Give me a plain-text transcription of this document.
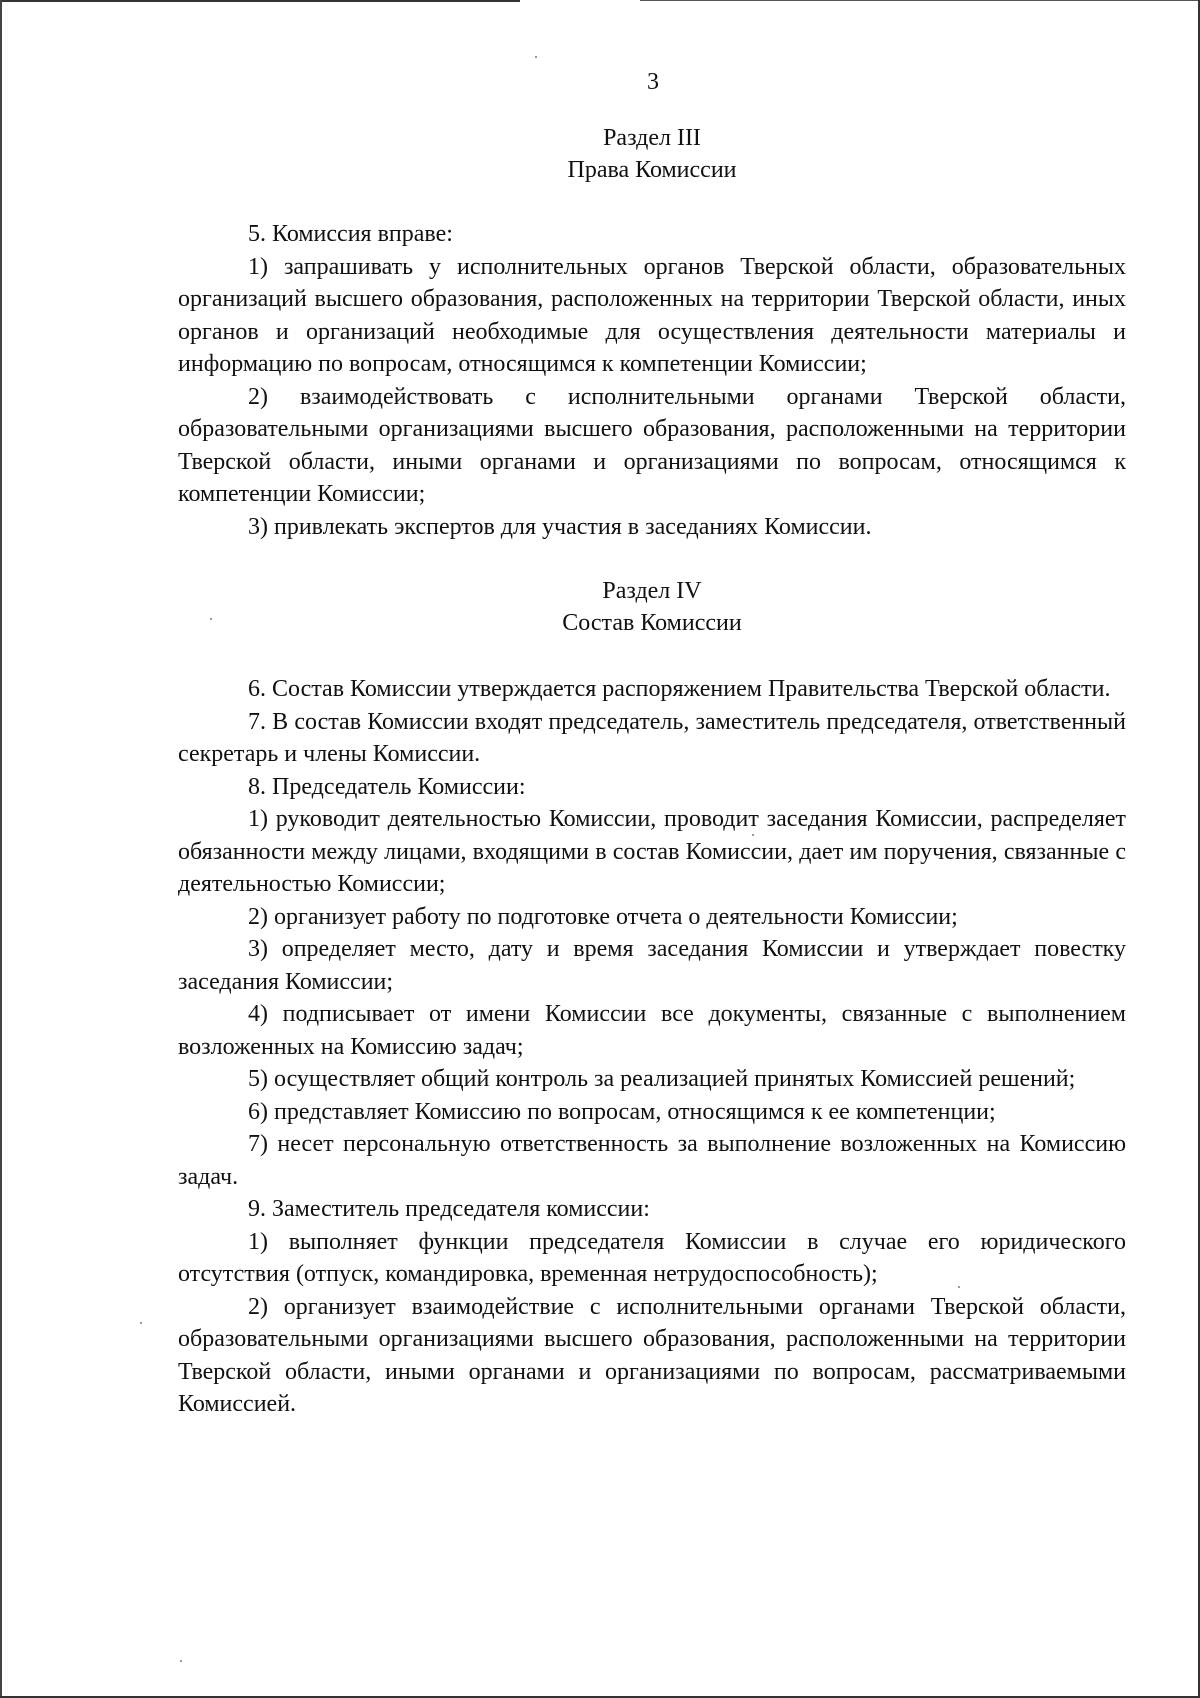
3

Раздел III

Права Комиссии

5. Комиссия вправе:

1) запрашивать у исполнительных органов Тверской области, образовательных организаций высшего образования, расположенных на территории Тверской области, иных органов и организаций необходимые для осуществления деятельности материалы и информацию по вопросам, относящимся к компетенции Комиссии;

2) взаимодействовать с исполнительными органами Тверской области, образовательными организациями высшего образования, расположенными на территории Тверской области, иными органами и организациями по вопросам, относящимся к компетенции Комиссии;

3) привлекать экспертов для участия в заседаниях Комиссии.

Раздел IV

Состав Комиссии

6. Состав Комиссии утверждается распоряжением Правительства Тверской области.

7. В состав Комиссии входят председатель, заместитель председателя, ответственный секретарь и члены Комиссии.

8. Председатель Комиссии:

1) руководит деятельностью Комиссии, проводит заседания Комиссии, распределяет обязанности между лицами, входящими в состав Комиссии, дает им поручения, связанные с деятельностью Комиссии;

2) организует работу по подготовке отчета о деятельности Комиссии;

3) определяет место, дату и время заседания Комиссии и утверждает повестку заседания Комиссии;

4) подписывает от имени Комиссии все документы, связанные с выполнением возложенных на Комиссию задач;

5) осуществляет общий контроль за реализацией принятых Комиссией решений;

6) представляет Комиссию по вопросам, относящимся к ее компетенции;

7) несет персональную ответственность за выполнение возложенных на Комиссию задач.

9. Заместитель председателя комиссии:

1) выполняет функции председателя Комиссии в случае его юридического отсутствия (отпуск, командировка, временная нетрудоспособность);

2) организует взаимодействие с исполнительными органами Тверской области, образовательными организациями высшего образования, расположенными на территории Тверской области, иными органами и организациями по вопросам, рассматриваемыми Комиссией.
